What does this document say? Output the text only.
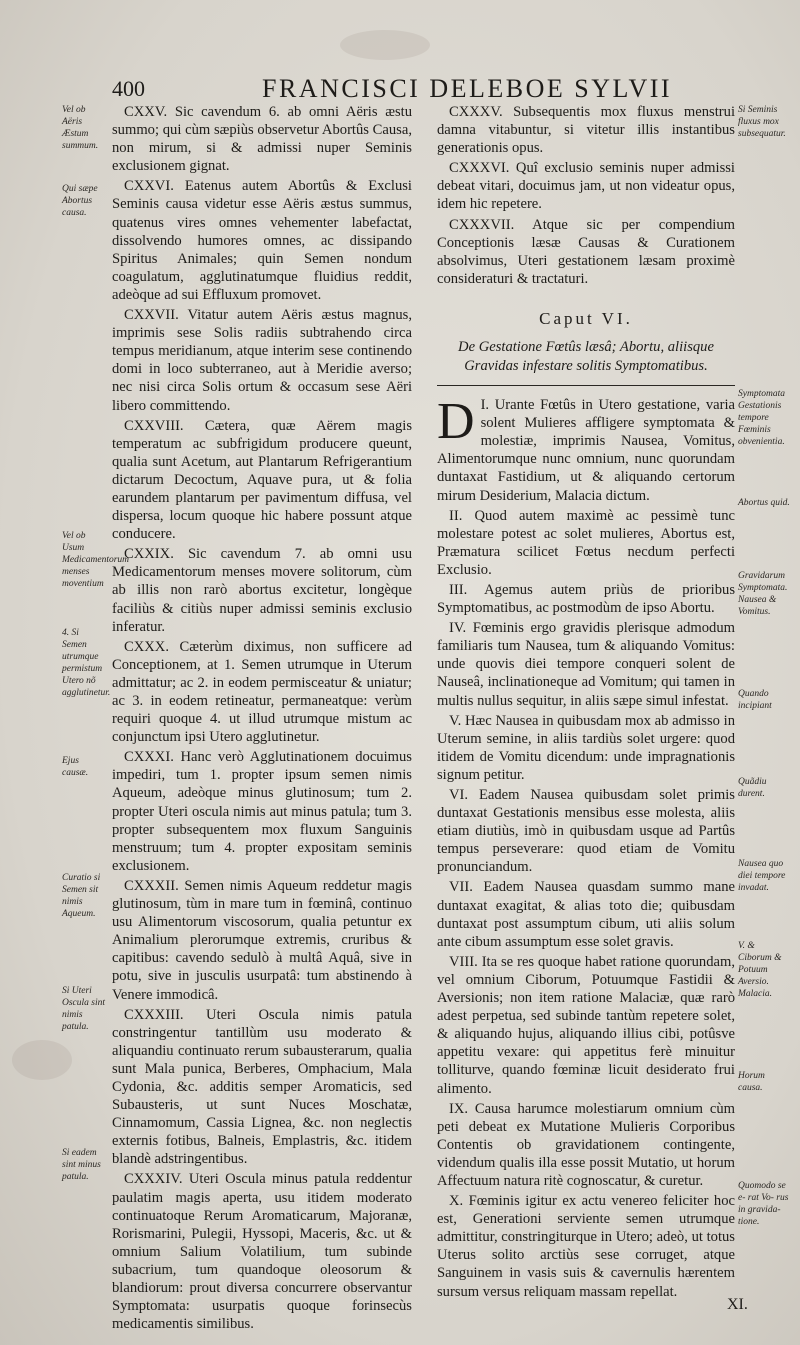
400	FRANCISCI DELEBOE SYLVII
Vel ob Aëris Æstum summum.
Qui sæpe Abortus causa.
Vel ob Usum Medicamentorum menses moventium
4. Si Semen utrumque permistum Utero nõ agglutinetur.
Ejus causæ.
Curatio si Semen sit nimis Aqueum.
Si Uteri Oscula sint nimis patula.
Si eadem sint minus patula.
Si Seminis fluxus mox subsequatur.
Symptomata Gestationis tempore Fœminis obvenientia.
Abortus quid.
Gravidarum Symptomata. Nausea & Vomitus.
Quando incipiant
Quãdiu durent.
Nausea quo diei tempore invadat.
V. & Ciborum & Potuum Aversio. Malacia.
Horum causa.
Quomodo se e- rat Vo- rus in gravida- tione.

CXXV. Sic cavendum 6. ab omni Aëris æstu summo; qui cùm sæpiùs observetur Abortûs Causa, non mirum, si & admissi nuper Seminis exclusionem gignat.

CXXVI. Eatenus autem Abortûs & Exclusi Seminis causa videtur esse Aëris æstus summus, quatenus vires omnes vehementer labefactat, dissolvendo humores omnes, ac dissipando Spiritus Animales; quin Semen nondum coagulatum, agglutinatumque fluidius reddit, adeòque ad sui Effluxum promovet.

CXXVII. Vitatur autem Aëris æstus magnus, imprimis sese Solis radiis subtrahendo circa tempus meridianum, atque interim sese continendo domi in loco subterraneo, aut à Meridie averso; nec nisi circa Solis ortum & occasum sese Aëri libero committendo.

CXXVIII. Cætera, quæ Aërem magis temperatum ac subfrigidum producere queunt, qualia sunt Acetum, aut Plantarum Refrigerantium dictarum Decoctum, Aquave pura, ut & folia earundem plantarum per pavimentum diffusa, vel dispersa, locum quoque hic habere possunt atque conducere.

CXXIX. Sic cavendum 7. ab omni usu Medicamentorum menses movere solitorum, cùm ab illis non rarò abortus excitetur, longèque faciliùs & citiùs nuper admissi seminis exclusio inferatur.

CXXX. Cæterùm diximus, non sufficere ad Conceptionem, at 1. Semen utrumque in Uterum admittatur; ac 2. in eodem permisceatur & uniatur; ac 3. in eodem retineatur, permaneatque: verùm requiri quoque 4. ut illud utrumque mistum ac conjunctum ipsi Utero agglutinetur.

CXXXI. Hanc verò Agglutinationem docuimus impediri, tum 1. propter ipsum semen nimis Aqueum, adeòque minus glutinosum; tum 2. propter Uteri oscula nimis aut minus patula; tum 3. propter subsequentem mox fluxum Sanguinis menstruum; tum 4. propter expositam seminis exclusionem.

CXXXII. Semen nimis Aqueum reddetur magis glutinosum, tùm in mare tum in fœminâ, continuo usu Alimentorum viscosorum, qualia petuntur ex Animalium plerorumque extremis, cruribus & capitibus: cavendo sedulò à multâ Aquâ, sive in potu, sive in jusculis usurpatâ: tum abstinendo à Venere immodicâ.

CXXXIII. Uteri Oscula nimis patula constringentur tantillùm usu moderato & aliquandiu continuato rerum subausterarum, qualia sunt Mala punica, Berberes, Omphacium, Mala Cydonia, &c. additis semper Aromaticis, sed Subausteris, ut sunt Nuces Moschatæ, Cinnamomum, Cassia Lignea, &c. non neglectis externis fotibus, Balneis, Emplastris, &c. itidem blandè adstringentibus.

CXXXIV. Uteri Oscula minus patula reddentur paulatim magis aperta, usu itidem moderato continuatoque Rerum Aromaticarum, Majoranæ, Rorismarini, Pulegii, Hyssopi, Maceris, &c. ut & omnium Salium Volatilium, tum subinde subacrium, tum quandoque oleosorum & blandiorum: prout diversa concurrere observantur Symptomata: usurpatis quoque forinsecùs medicamentis similibus.

CXXXV. Subsequentis mox fluxus menstrui damna vitabuntur, si vitetur illis instantibus generationis opus.

CXXXVI. Quî exclusio seminis nuper admissi debeat vitari, docuimus jam, ut non videatur opus, idem hic repetere.

CXXXVII. Atque sic per compendium Conceptionis læsæ Causas & Curationem absolvimus, Uteri gestationem læsam proximè consideraturi & tractaturi.

Caput VI.
De Gestatione Fœtûs læsâ; Abortu, aliisque Gravidas infestare solitis Symptomatibus.

I.
D	Urante Fœtûs in Utero gestatione, varia solent Mulieres affligere symptomata & molestiæ, imprimis Nausea, Vomitus, Alimentorumque nunc omnium, nunc quorundam duntaxat Fastidium, ut & aliquando certorum mirum Desiderium, Malacia dictum.

II. Quod autem maximè ac pessimè tunc molestare potest ac solet mulieres, Abortus est, Præmatura scilicet Fœtus necdum perfecti Exclusio.

III. Agemus autem priùs de prioribus Symptomatibus, ac postmodùm de ipso Abortu.

IV. Fœminis ergo gravidis plerisque admodum familiaris tum Nausea, tum & aliquando Vomitus: unde quovis diei tempore conqueri solent de Nauseâ, inclinationeque ad Vomitum; qui tamen in multis nullus sequitur, in aliis sæpe simul infestat.

V. Hæc Nausea in quibusdam mox ab admisso in Uterum semine, in aliis tardiùs solet urgere: quod itidem de Vomitu dicendum: unde impragnationis signum petitur.

VI. Eadem Nausea quibusdam solet primis duntaxat Gestationis mensibus esse molesta, aliis etiam diutiùs, imò in quibusdam usque ad Partûs tempus perseverare: quod etiam de Vomitu pronunciandum.

VII. Eadem Nausea quasdam summo mane duntaxat exagitat, & alias toto die; quibusdam duntaxat post assumptum cibum, uti aliis solum ante cibum assumptum esse solet gravis.

VIII. Ita se res quoque habet ratione quorundam, vel omnium Ciborum, Potuumque Fastidii & Aversionis; non item ratione Malaciæ, quæ rarò adest perpetua, sed subinde tantùm repetere solet, & aliquando hujus, aliquando illius cibi, potûsve appetitu vexare: qui appetitus ferè minuitur tolliturve, quando fœminæ licuit desiderato frui alimento.

IX. Causa harumce molestiarum omnium cùm peti debeat ex Mutatione Mulieris Corporibus Contentis ob gravidationem contingente, videndum qualis illa esse possit Mutatio, ut horum Affectuum natura ritè cognoscatur, & curetur.

X. Fœminis igitur ex actu venereo feliciter hoc est, Generationi serviente semen utrumque admittitur, constringiturque in Utero; adeò, ut totus Uterus solito arctiùs sese corruget, atque Sanguinem in vasis suis & cavernulis hærentem sursum versus reliquam massam repellat.

XI.
